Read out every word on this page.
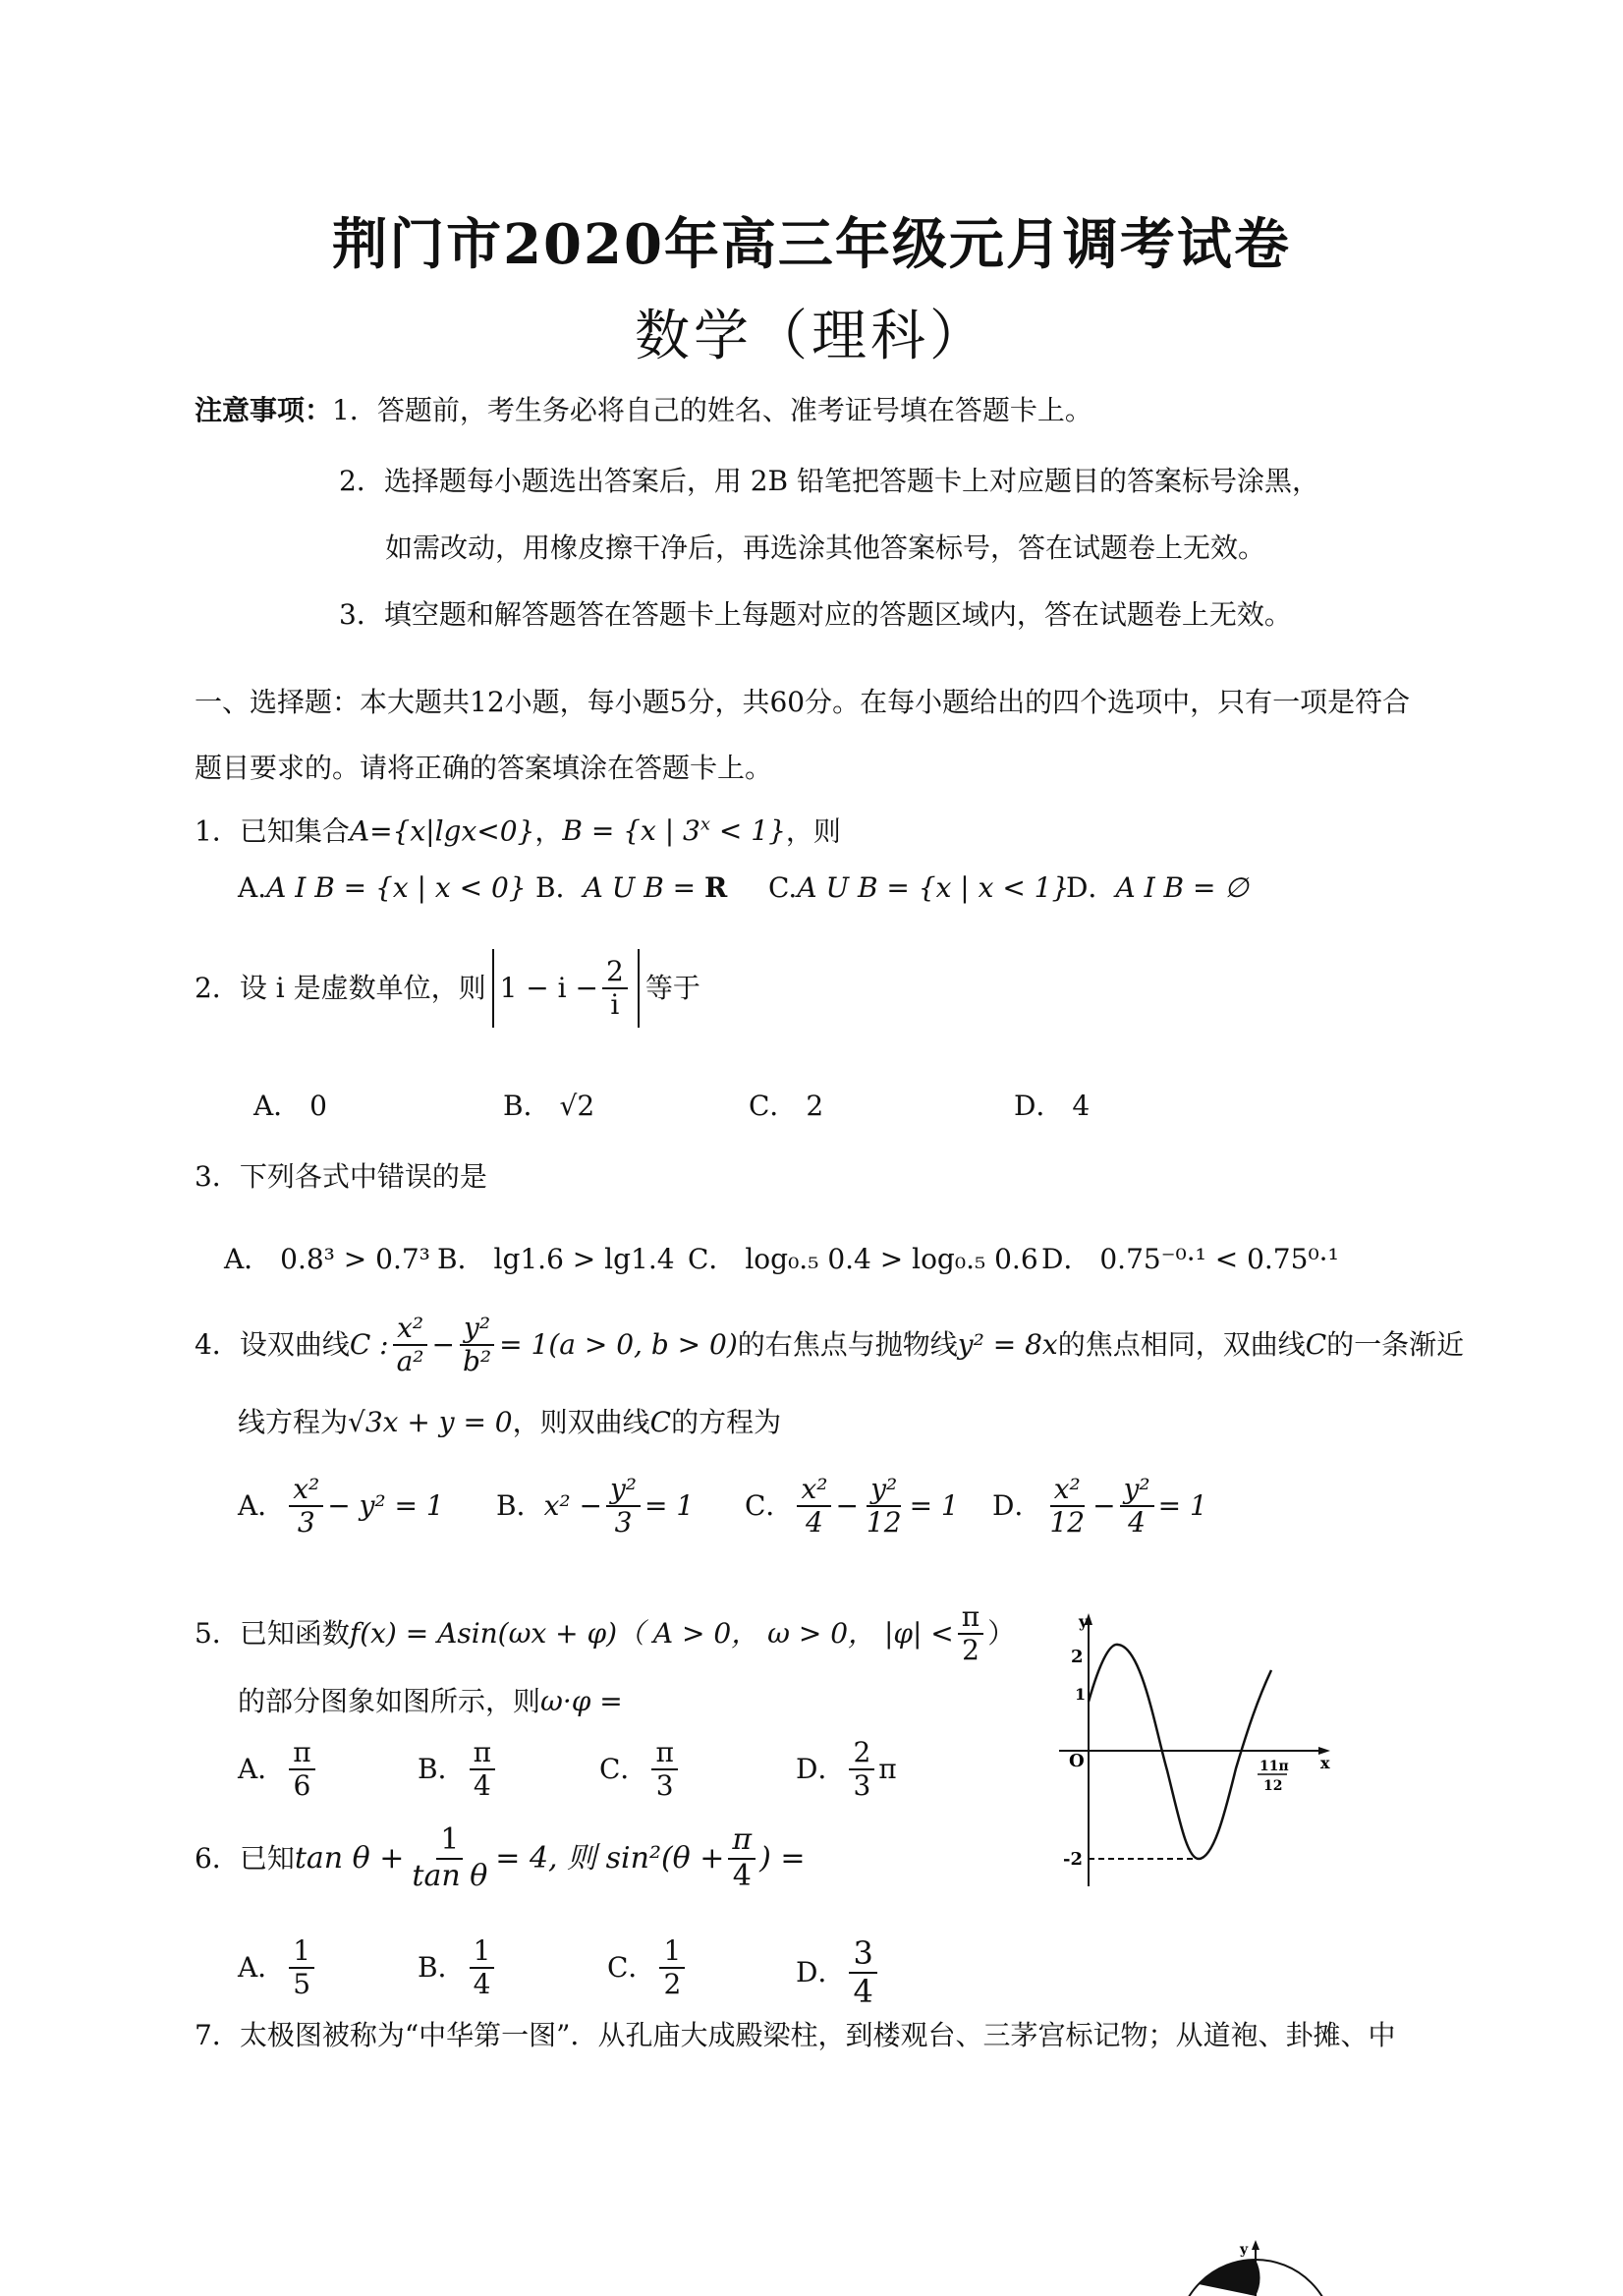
荆门市2020年高三年级元月调考试卷
数学（理科）
注意事项：1．答题前，考生务必将自己的姓名、准考证号填在答题卡上。
2．选择题每小题选出答案后，用 2B 铅笔把答题卡上对应题目的答案标号涂黑，
如需改动，用橡皮擦干净后，再选涂其他答案标号，答在试题卷上无效。
3．填空题和解答题答在答题卡上每题对应的答题区域内，答在试题卷上无效。
一、选择题：本大题共12小题，每小题5分，共60分。在每小题给出的四个选项中，只有一项是符合
题目要求的。请将正确的答案填涂在答题卡上。
1．已知集合A={x|lgx<0}，B = {x | $3^x < 1$}，则
A.A I B = {x | x < 0} B．A U B = R C.A U B = {x | x < 1}
D．A I B = ∅
2． 设 i 是虚数单位，则 $1 - i - \frac{2}{i}$ 等于
A． 0	B． √2	C． 2	D． 4
3．下列各式中错误的是
A． 0.8³ > 0.7³ B． lg1.6 > lg1.4 C． log₀.₅ 0.4 > log₀.₅ 0.6 D． 0.75⁻⁰·¹ < 0.75⁰·¹
4． 设双曲线 C : $\frac{\text{x²}}{\text{a²}} - \frac{\text{y²}}{\text{b²}} = 1(a > 0$, b > 0) 的右焦点与抛物线 y² = 8x 的焦点相同，双曲线 C 的一条渐近
线方程为√3x + y = 0，则双曲线C的方程为
A． $\frac{\text{x²}}{3} - y^2 = 1$ B． $x^2 - \frac{\text{y²}}{3} = 1$ C． $\frac{\text{x²}}{4} - \frac{\text{y²}}{12} = 1$ D． $\frac{\text{x²}}{12} - \frac{\text{y²}}{4} = 1$
5． 已知函数 f(x) = Asin(ωx + φ) （ A > 0， ω > 0， $|\varphi| < \frac{\pi}{2}$ ）
的部分图象如图所示，则ω·φ =
A． $\frac{\pi}{6}$	B． $\frac{\pi}{4}$	C． $\frac{\pi}{3}$	D． $\frac{2}{3}$ π
y
x
O
2
1
-2
11π
12
6． 已知 $\tan \theta + \frac{1}{\text{tan θ}} = 4$, 则 $\sin^2(\theta + \frac{\pi}{4}$ ) =
A． $\frac{1}{5}$	B． $\frac{1}{4}$	C． $\frac{1}{2}$	D． $\frac{3}{4}$
7．太极图被称为“中华第一图”．从孔庙大成殿梁柱，到楼观台、三茅宫标记物；从道袍、卦摊、中
y
